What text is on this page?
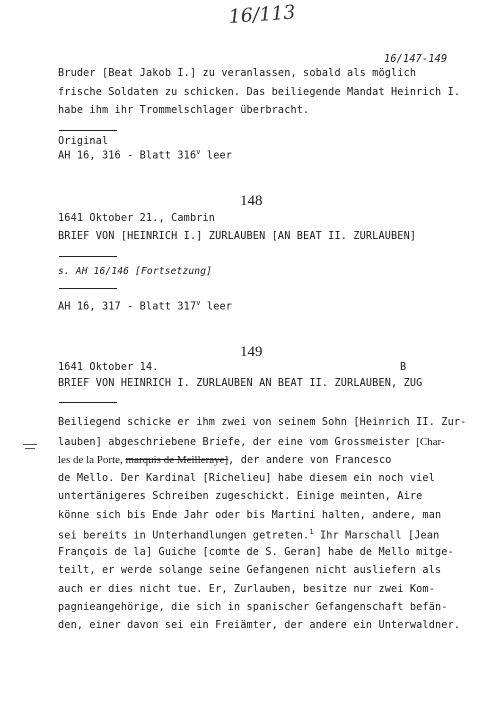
16/113
16/147-149
Bruder [Beat Jakob I.] zu veranlassen, sobald als möglich
frische Soldaten zu schicken. Das beiliegende Mandat Heinrich I.
habe ihm ihr Trommelschlager überbracht.
Original
AH 16, 316 - Blatt 316$^v$ leer
148
1641 Oktober 21., Cambrin
BRIEF VON [HEINRICH I.] ZURLAUBEN [AN BEAT II. ZURLAUBEN]
s. AH 16/146 [Fortsetzung]
AH 16, 317 - Blatt 317$^v$ leer
149
1641 Oktober 14.	B
BRIEF VON HEINRICH I. ZURLAUBEN AN BEAT II. ZURLAUBEN, ZUG
Beiliegend schicke er ihm zwei von seinem Sohn [Heinrich II. Zur-
lauben] abgeschriebene Briefe, der eine vom Grossmeister [Char-
les de la Porte, marquis de Meilleraye], der andere von Francesco
de Mello. Der Kardinal [Richelieu] habe diesem ein noch viel
untertänigeres Schreiben zugeschickt. Einige meinten, Aire
könne sich bis Ende Jahr oder bis Martini halten, andere, man
sei bereits in Unterhandlungen getreten.$^1$ Ihr Marschall [Jean
François de la] Guiche [comte de S. Geran] habe de Mello mitge-
teilt, er werde solange seine Gefangenen nicht ausliefern als
auch er dies nicht tue. Er, Zurlauben, besitze nur zwei Kom-
pagnieangehörige, die sich in spanischer Gefangenschaft befän-
den, einer davon sei ein Freiämter, der andere ein Unterwaldner.
